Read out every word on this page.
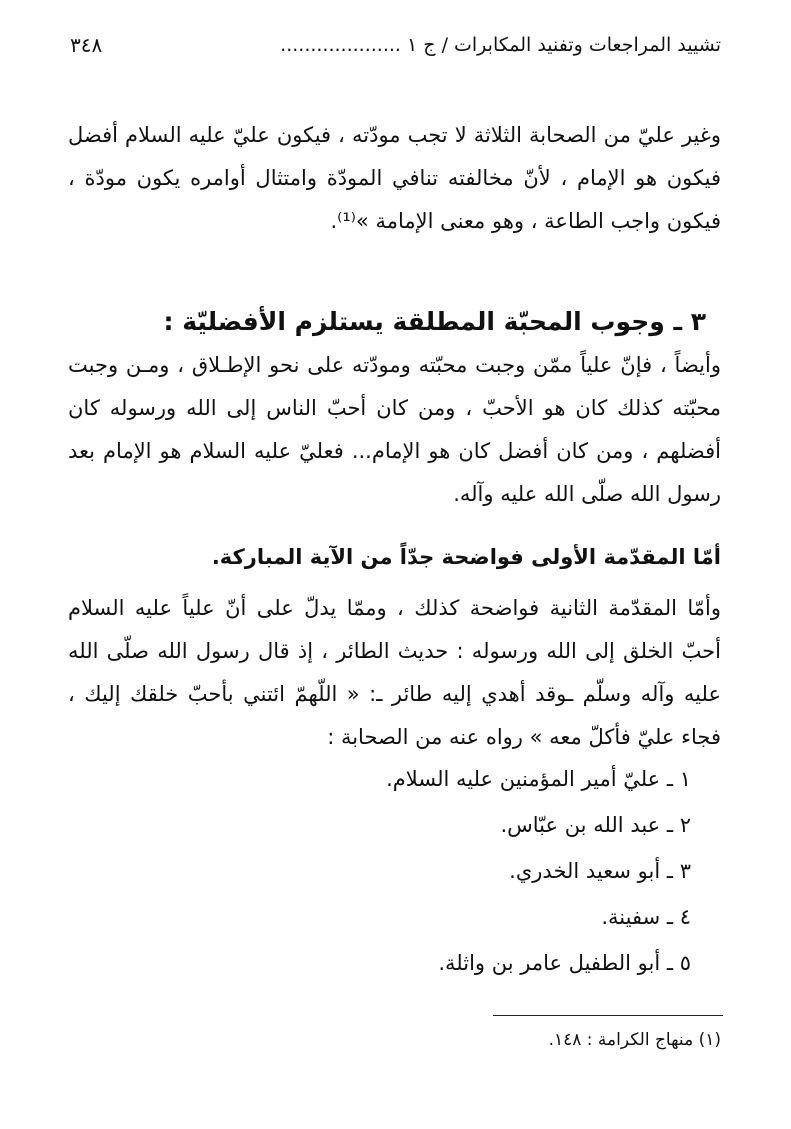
تشييد المراجعات وتفنيد المكابرات / ج ١ ....................
٣٤٨

وغير عليّ من الصحابة الثلاثة لا تجب مودّته ، فيكون عليّ عليه السلام أفضل فيكون هو الإمام ، لأنّ مخالفته تنافي المودّة وامتثال أوامره يكون مودّة ، فيكون واجب الطاعة ، وهو معنى الإمامة »⁽¹⁾.

٣ ـ وجوب المحبّة المطلقة يستلزم الأفضليّة :

وأيضاً ، فإنّ علياً ممّن وجبت محبّته ومودّته على نحو الإطـلاق ، ومـن وجبت محبّته كذلك كان هو الأحبّ ، ومن كان أحبّ الناس إلى الله ورسوله كان أفضلهم ، ومن كان أفضل كان هو الإمام... فعليّ عليه السلام هو الإمام بعد رسول الله صلّى الله عليه وآله.

أمّا المقدّمة الأولى فواضحة جدّاً من الآية المباركة.

وأمّا المقدّمة الثانية فواضحة كذلك ، وممّا يدلّ على أنّ علياً عليه السلام أحبّ الخلق إلى الله ورسوله : حديث الطائر ، إذ قال رسول الله صلّى الله عليه وآله وسلّم ـوقد أهدي إليه طائر ـ: « اللّهمّ ائتني بأحبّ خلقك إليك ، فجاء عليّ فأكلّ معه » رواه عنه من الصحابة :

١ ـ عليّ أمير المؤمنين عليه السلام.
٢ ـ عبد الله بن عبّاس.
٣ ـ أبو سعيد الخدري.
٤ ـ سفينة.
٥ ـ أبو الطفيل عامر بن واثلة.
(١) منهاج الكرامة : ١٤٨.
